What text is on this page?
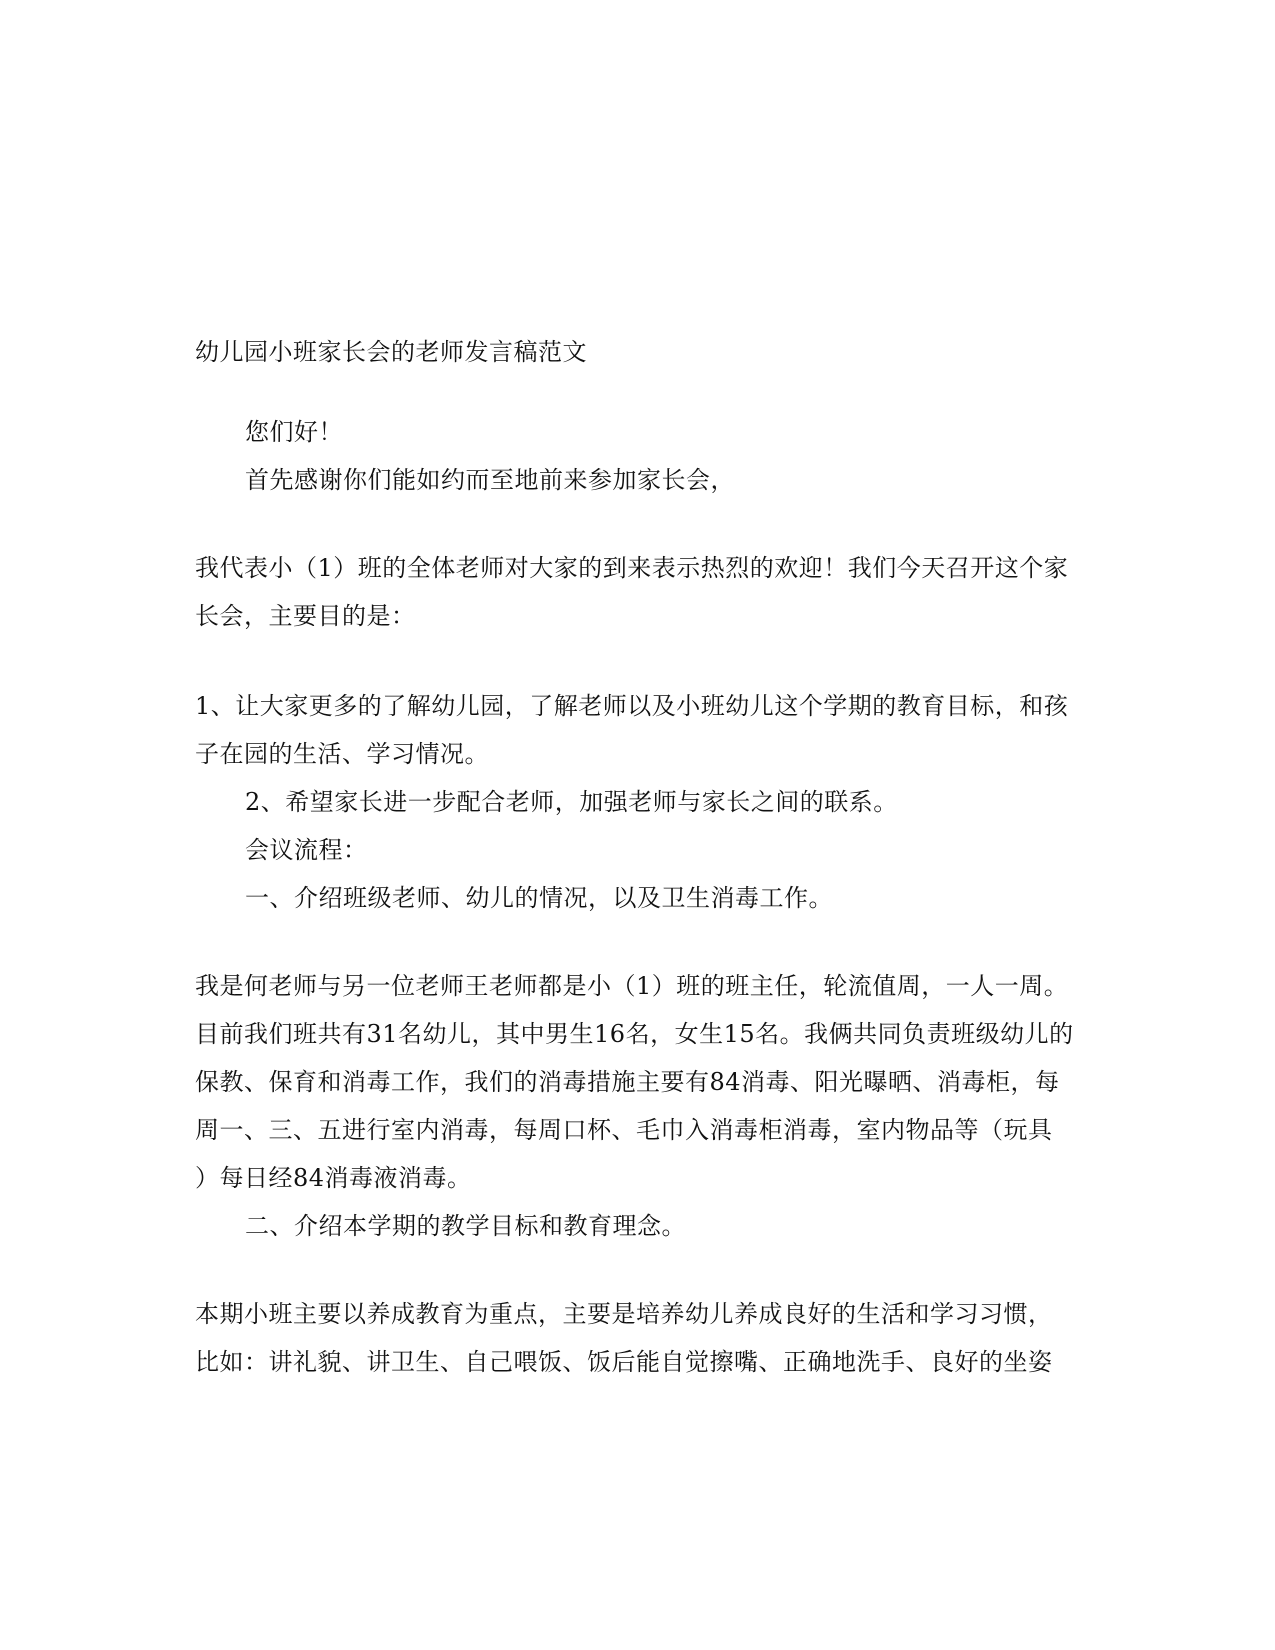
幼儿园小班家长会的老师发言稿范文
您们好！
首先感谢你们能如约而至地前来参加家长会，
我代表小（1）班的全体老师对大家的到来表示热烈的欢迎！我们今天召开这个家
长会，主要目的是：
1、让大家更多的了解幼儿园，了解老师以及小班幼儿这个学期的教育目标，和孩
子在园的生活、学习情况。
2、希望家长进一步配合老师，加强老师与家长之间的联系。
会议流程：
一、介绍班级老师、幼儿的情况，以及卫生消毒工作。
我是何老师与另一位老师王老师都是小（1）班的班主任，轮流值周，一人一周。
目前我们班共有31名幼儿，其中男生16名，女生15名。我俩共同负责班级幼儿的
保教、保育和消毒工作，我们的消毒措施主要有84消毒、阳光曝晒、消毒柜，每
周一、三、五进行室内消毒，每周口杯、毛巾入消毒柜消毒，室内物品等（玩具
）每日经84消毒液消毒。
二、介绍本学期的教学目标和教育理念。
本期小班主要以养成教育为重点，主要是培养幼儿养成良好的生活和学习习惯，
比如：讲礼貌、讲卫生、自己喂饭、饭后能自觉擦嘴、正确地洗手、良好的坐姿
